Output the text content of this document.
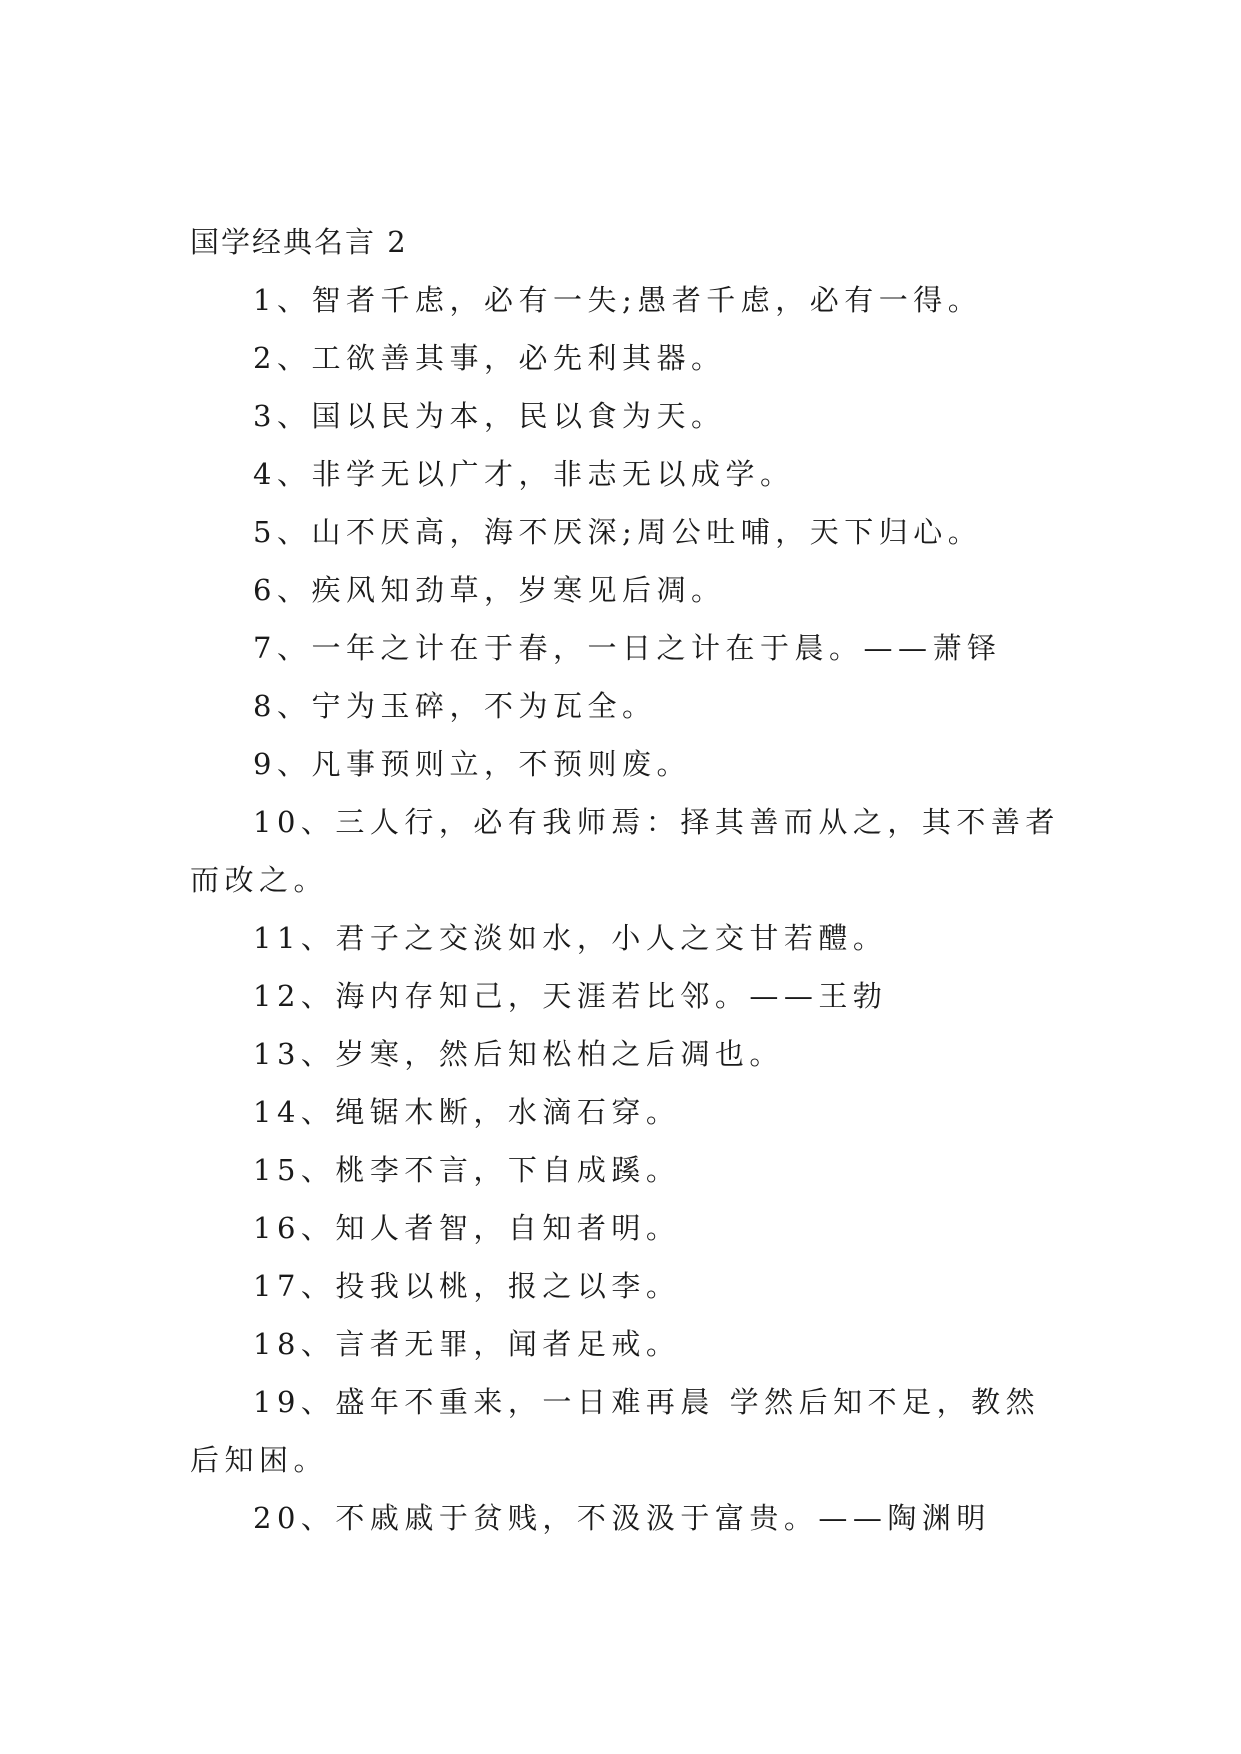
国学经典名言 2

1、智者千虑，必有一失;愚者千虑，必有一得。

2、工欲善其事，必先利其器。

3、国以民为本，民以食为天。

4、非学无以广才，非志无以成学。

5、山不厌高，海不厌深;周公吐哺，天下归心。

6、疾风知劲草，岁寒见后凋。

7、一年之计在于春，一日之计在于晨。——萧铎

8、宁为玉碎，不为瓦全。

9、凡事预则立，不预则废。

10、三人行，必有我师焉：择其善而从之，其不善者而改之。

11、君子之交淡如水，小人之交甘若醴。

12、海内存知己，天涯若比邻。——王勃

13、岁寒，然后知松柏之后凋也。

14、绳锯木断，水滴石穿。

15、桃李不言，下自成蹊。

16、知人者智，自知者明。

17、投我以桃，报之以李。

18、言者无罪，闻者足戒。

19、盛年不重来，一日难再晨 学然后知不足，教然后知困。

20、不戚戚于贫贱，不汲汲于富贵。——陶渊明
